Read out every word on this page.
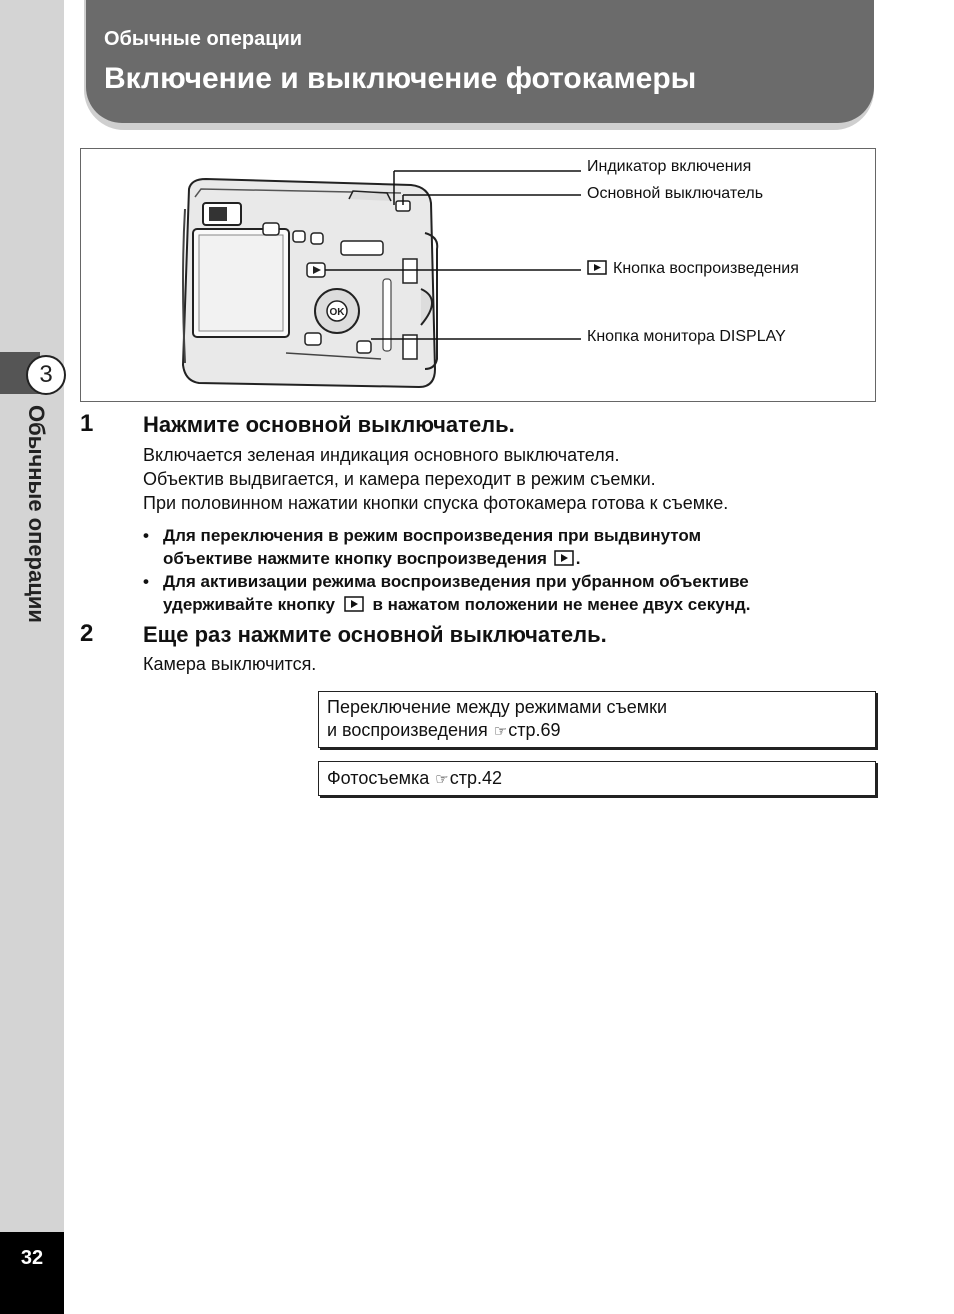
3
Обычные операции
32
Обычные операции
Включение и выключение фотокамеры
OK
Индикатор включения
Основной выключатель
Кнопка воспроизведения
Кнопка монитора DISPLAY
1 Нажмите основной выключатель.
Включается зеленая индикация основного выключателя.
Объектив выдвигается, и камера переходит в режим съемки.
При половинном нажатии кнопки спуска фотокамера готова к съемке.
• Для переключения в режим воспроизведения при выдвинутом
объективе нажмите кнопку воспроизведения .
• Для активизации режима воспроизведения при убранном объективе
удерживайте кнопку в нажатом положении не менее двух секунд.
2 Еще раз нажмите основной выключатель.
Камера выключится.
Переключение между режимами съемки
и воспроизведения ☞стр.69
Фотосъемка ☞стр.42
